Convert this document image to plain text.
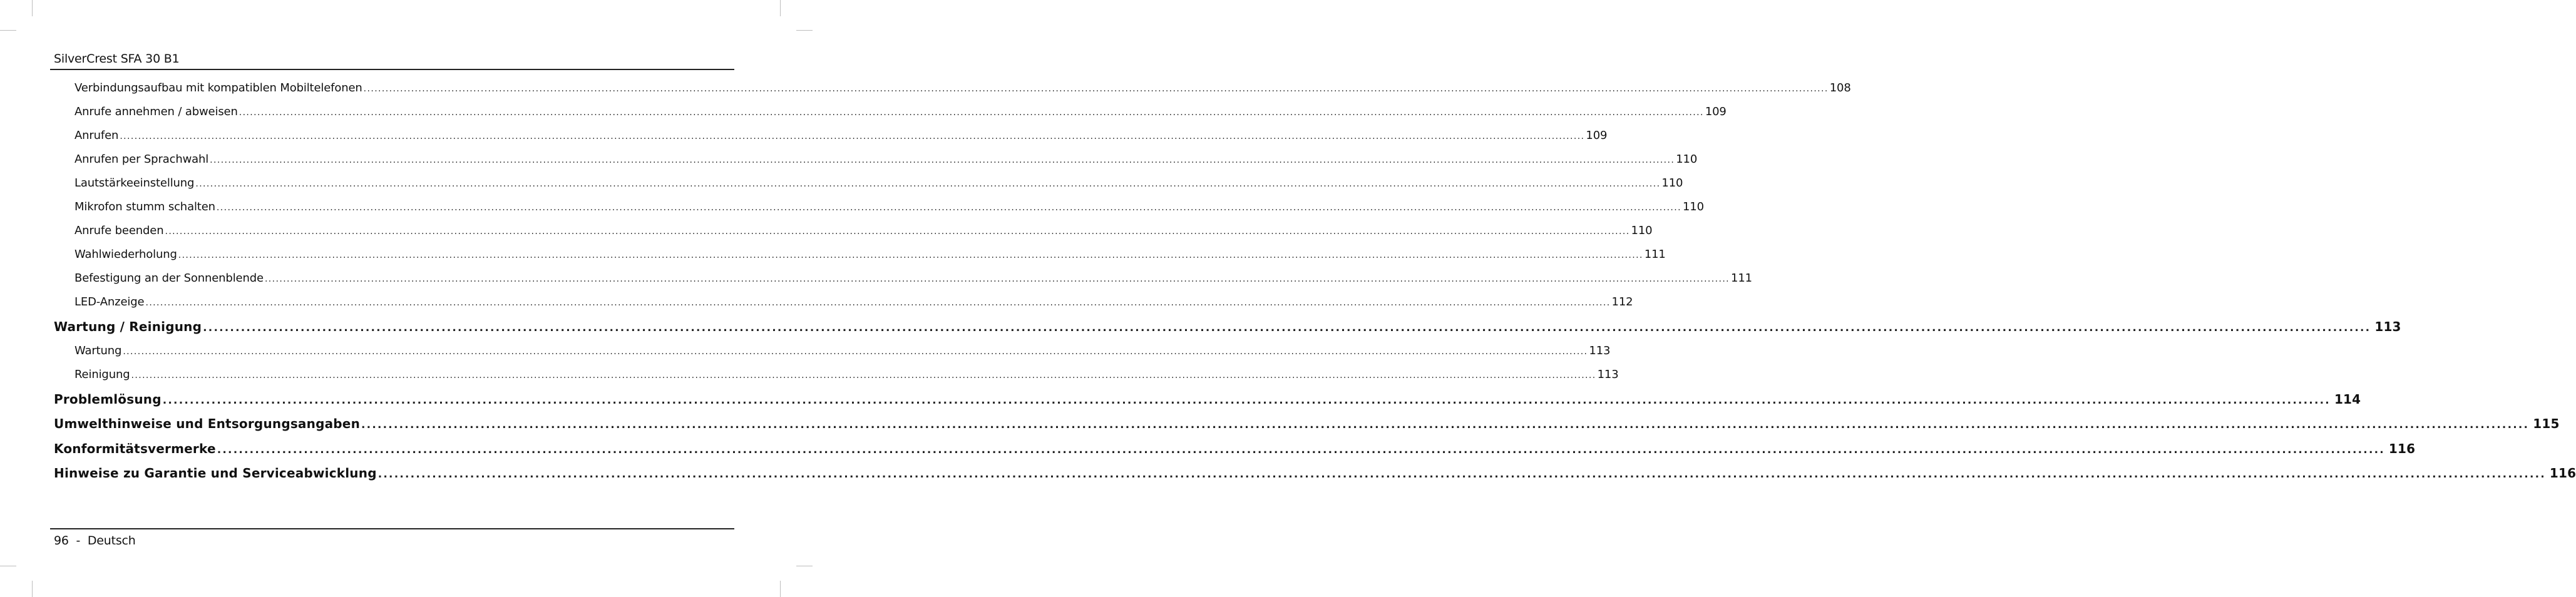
SilverCrest SFA 30 B1
Verbindungsaufbau mit kompatiblen Mobiltelefonen ................................................................................................................................................................................................................................................................................................................................................................................................................ 108
Anrufe annehmen / abweisen ................................................................................................................................................................................................................................................................................................................................................................................................................ 109
Anrufen ................................................................................................................................................................................................................................................................................................................................................................................................................ 109
Anrufen per Sprachwahl ................................................................................................................................................................................................................................................................................................................................................................................................................ 110
Lautstärkeeinstellung ................................................................................................................................................................................................................................................................................................................................................................................................................ 110
Mikrofon stumm schalten ................................................................................................................................................................................................................................................................................................................................................................................................................ 110
Anrufe beenden ................................................................................................................................................................................................................................................................................................................................................................................................................ 110
Wahlwiederholung ................................................................................................................................................................................................................................................................................................................................................................................................................ 111
Befestigung an der Sonnenblende ................................................................................................................................................................................................................................................................................................................................................................................................................ 111
LED-Anzeige ................................................................................................................................................................................................................................................................................................................................................................................................................ 112
Wartung / Reinigung ................................................................................................................................................................................................................................................................................................................................................................................................................ 113
Wartung ................................................................................................................................................................................................................................................................................................................................................................................................................ 113
Reinigung ................................................................................................................................................................................................................................................................................................................................................................................................................ 113
Problemlösung ................................................................................................................................................................................................................................................................................................................................................................................................................ 114
Umwelthinweise und Entsorgungsangaben ................................................................................................................................................................................................................................................................................................................................................................................................................ 115
Konformitätsvermerke ................................................................................................................................................................................................................................................................................................................................................................................................................ 116
Hinweise zu Garantie und Serviceabwicklung ................................................................................................................................................................................................................................................................................................................................................................................................................ 116
96 - Deutsch
